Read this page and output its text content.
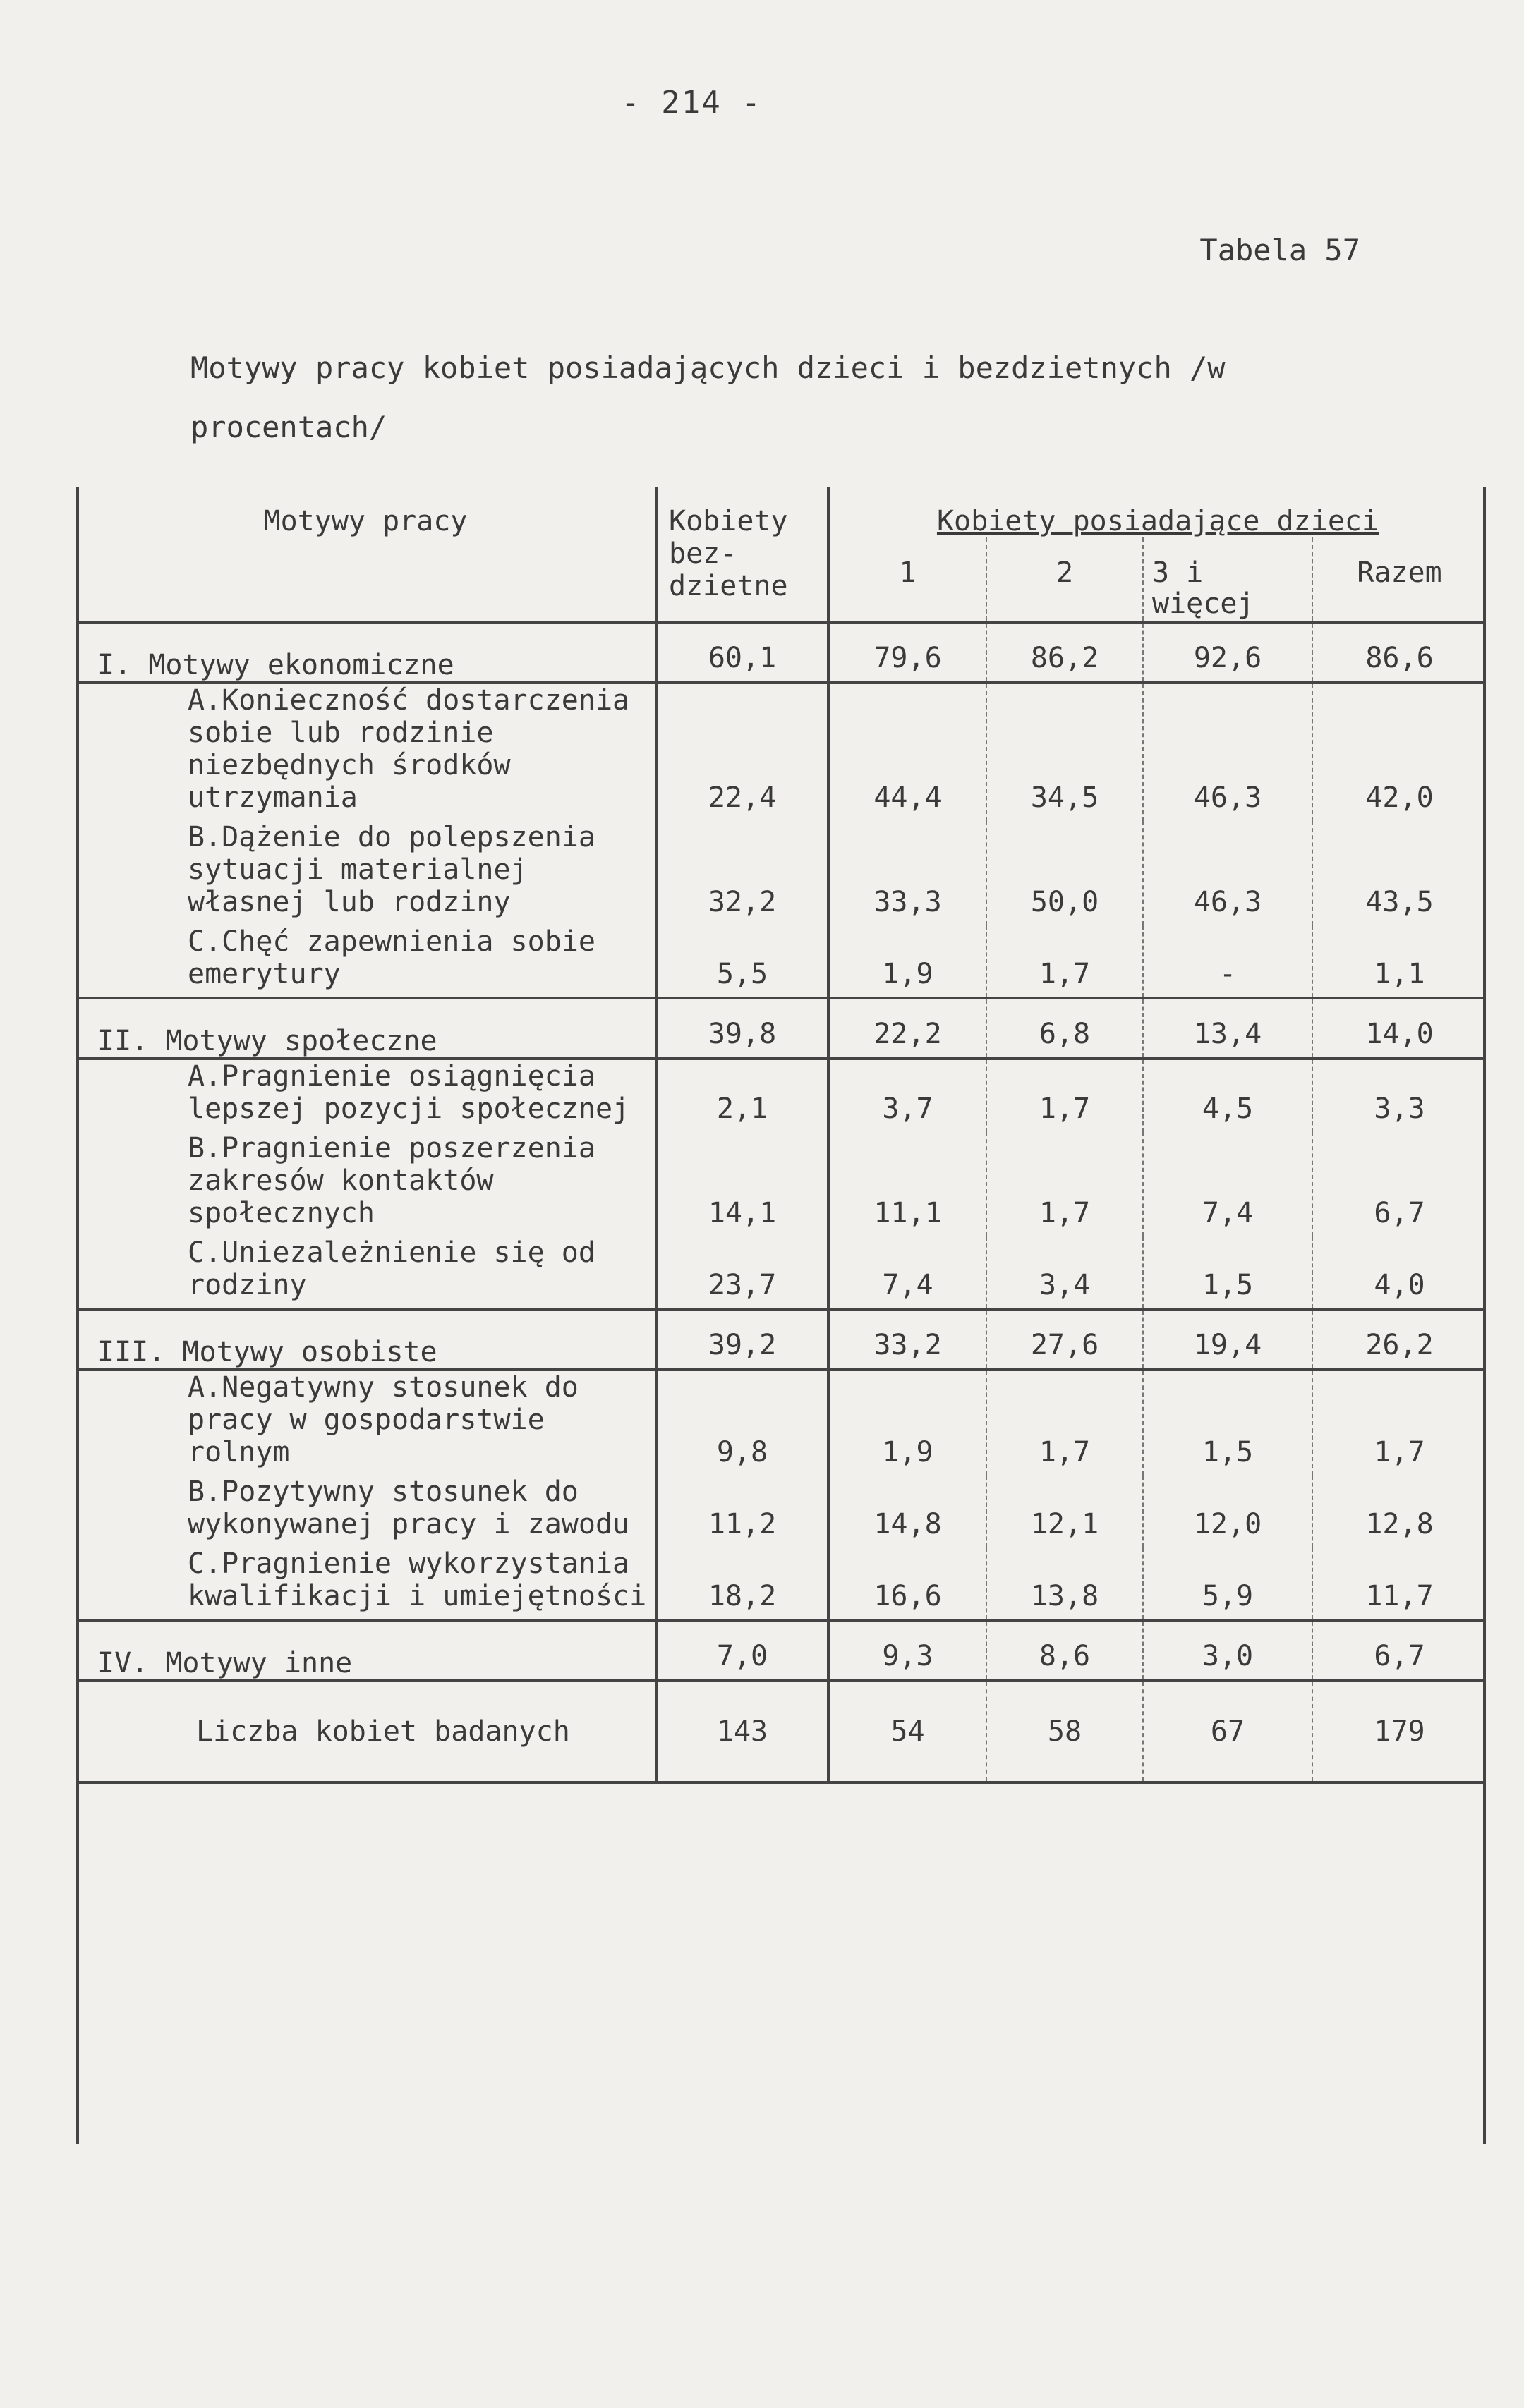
- 214 -
Tabela 57
Motywy pracy kobiet posiadających dzieci i bezdzietnych /w procentach/
Motywy pracy	Kobiety bez-dzietne	Kobiety posiadające dzieci			
		1	2	3 i więcej	Razem
I. Motywy ekonomiczne	60,1	79,6	86,2	92,6	86,6
A.Konieczność dostarczenia sobie lub rodzinie niezbędnych środków utrzymania	22,4	44,4	34,5	46,3	42,0
B.Dążenie do polepszenia sytuacji materialnej własnej lub rodziny	32,2	33,3	50,0	46,3	43,5
C.Chęć zapewnienia sobie emerytury	5,5	1,9	1,7	-	1,1
II. Motywy społeczne	39,8	22,2	6,8	13,4	14,0
A.Pragnienie osiągnięcia lepszej pozycji społecznej	2,1	3,7	1,7	4,5	3,3
B.Pragnienie poszerzenia zakresów kontaktów społecznych	14,1	11,1	1,7	7,4	6,7
C.Uniezależnienie się od rodziny	23,7	7,4	3,4	1,5	4,0
III. Motywy osobiste	39,2	33,2	27,6	19,4	26,2
A.Negatywny stosunek do pracy w gospodarstwie rolnym	9,8	1,9	1,7	1,5	1,7
B.Pozytywny stosunek do wykonywanej pracy i zawodu	11,2	14,8	12,1	12,0	12,8
C.Pragnienie wykorzystania kwalifikacji i umiejętności	18,2	16,6	13,8	5,9	11,7
IV. Motywy inne	7,0	9,3	8,6	3,0	6,7
Liczba kobiet badanych	143	54	58	67	179
